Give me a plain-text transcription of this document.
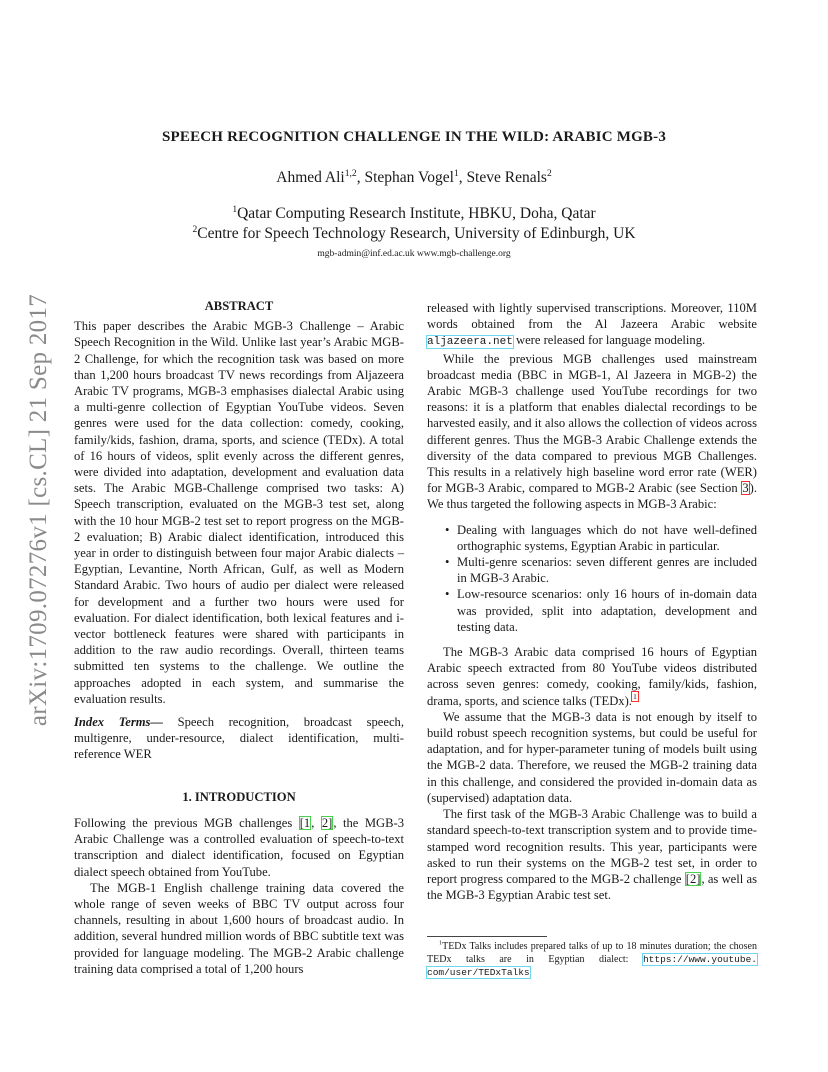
arXiv:1709.07276v1 [cs.CL] 21 Sep 2017
SPEECH RECOGNITION CHALLENGE IN THE WILD: ARABIC MGB-3
Ahmed Ali$^{1,2}$, Stephan Vogel$^1$, Steve Renals$^2$
$^1$Qatar Computing Research Institute, HBKU, Doha, Qatar
$^2$Centre for Speech Technology Research, University of Edinburgh, UK
mgb-admin@inf.ed.ac.uk www.mgb-challenge.org
ABSTRACT

This paper describes the Arabic MGB-3 Challenge – Arabic Speech Recognition in the Wild. Unlike last year’s Arabic MGB-2 Challenge, for which the recognition task was based on more than 1,200 hours broadcast TV news recordings from Aljazeera Arabic TV programs, MGB-3 emphasises dialectal Arabic using a multi-genre collection of Egyptian YouTube videos. Seven genres were used for the data collection: comedy, cooking, family/kids, fashion, drama, sports, and science (TEDx). A total of 16 hours of videos, split evenly across the different genres, were divided into adaptation, development and evaluation data sets. The Arabic MGB-Challenge comprised two tasks: A) Speech transcription, evaluated on the MGB-3 test set, along with the 10 hour MGB-2 test set to report progress on the MGB-2 evaluation; B) Arabic dialect identification, introduced this year in order to distinguish between four major Arabic dialects – Egyptian, Levantine, North African, Gulf, as well as Modern Standard Arabic. Two hours of audio per dialect were released for development and a further two hours were used for evaluation. For dialect identification, both lexical features and i-vector bottleneck features were shared with participants in addition to the raw audio recordings. Overall, thirteen teams submitted ten systems to the challenge. We outline the approaches adopted in each system, and summarise the evaluation results.

Index Terms— Speech recognition, broadcast speech, multigenre, under-resource, dialect identification, multi-reference WER

1. INTRODUCTION

Following the previous MGB challenges [1, 2], the MGB-3 Arabic Challenge was a controlled evaluation of speech-to-text transcription and dialect identification, focused on Egyptian dialect speech obtained from YouTube.

The MGB-1 English challenge training data covered the whole range of seven weeks of BBC TV output across four channels, resulting in about 1,600 hours of broadcast audio. In addition, several hundred million words of BBC subtitle text was provided for language modeling. The MGB-2 Arabic challenge training data comprised a total of 1,200 hours

released with lightly supervised transcriptions. Moreover, 110M words obtained from the Al Jazeera Arabic website aljazeera.net were released for language modeling.

While the previous MGB challenges used mainstream broadcast media (BBC in MGB-1, Al Jazeera in MGB-2) the Arabic MGB-3 challenge used YouTube recordings for two reasons: it is a platform that enables dialectal recordings to be harvested easily, and it also allows the collection of videos across different genres. Thus the MGB-3 Arabic Challenge extends the diversity of the data compared to previous MGB Challenges. This results in a relatively high baseline word error rate (WER) for MGB-3 Arabic, compared to MGB-2 Arabic (see Section 3). We thus targeted the following aspects in MGB-3 Arabic:

• Dealing with languages which do not have well-defined orthographic systems, Egyptian Arabic in particular.
• Multi-genre scenarios: seven different genres are included in MGB-3 Arabic.
• Low-resource scenarios: only 16 hours of in-domain data was provided, split into adaptation, development and testing data.

The MGB-3 Arabic data comprised 16 hours of Egyptian Arabic speech extracted from 80 YouTube videos distributed across seven genres: comedy, cooking, family/kids, fashion, drama, sports, and science talks (TEDx).$^1$

We assume that the MGB-3 data is not enough by itself to build robust speech recognition systems, but could be useful for adaptation, and for hyper-parameter tuning of models built using the MGB-2 data. Therefore, we reused the MGB-2 training data in this challenge, and considered the provided in-domain data as (supervised) adaptation data.

The first task of the MGB-3 Arabic Challenge was to build a standard speech-to-text transcription system and to provide time-stamped word recognition results. This year, participants were asked to run their systems on the MGB-2 test set, in order to report progress compared to the MGB-2 challenge [2], as well as the MGB-3 Egyptian Arabic test set.

$^1$TEDx Talks includes prepared talks of up to 18 minutes duration; the chosen TEDx talks are in Egyptian dialect: https://www.youtube. com/user/TEDxTalks
